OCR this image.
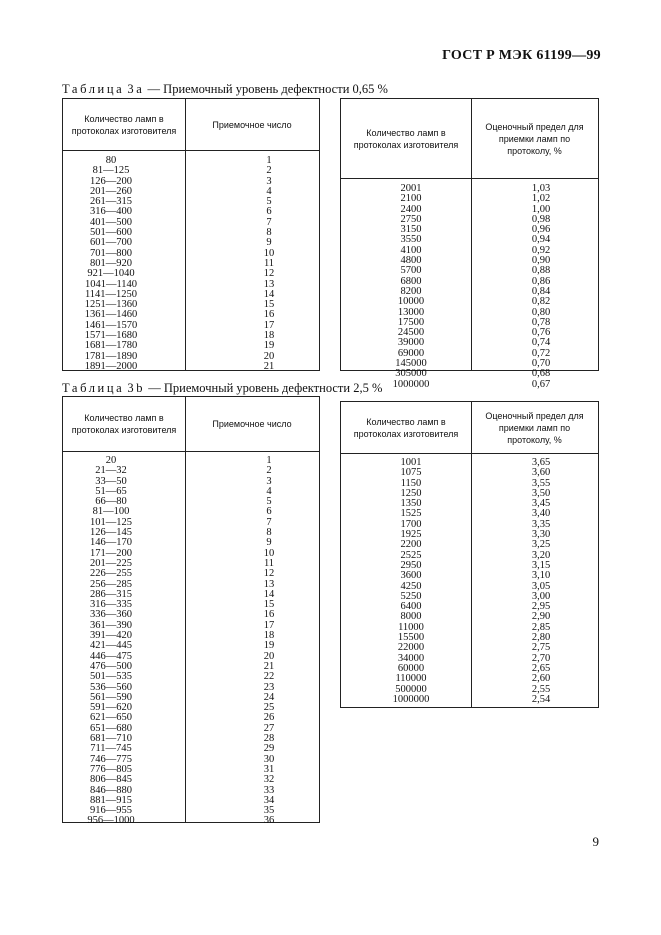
ГОСТ Р МЭК 61199—99
Таблица 3a — Приемочный уровень дефектности 0,65 %
Количество ламп в протоколах изготовителя
Приемочное число
80	1
81—125	2
126—200	3
201—260	4
261—315	5
316—400	6
401—500	7
501—600	8
601—700	9
701—800	10
801—920	11
921—1040	12
1041—1140	13
1141—1250	14
1251—1360	15
1361—1460	16
1461—1570	17
1571—1680	18
1681—1780	19
1781—1890	20
1891—2000	21
Количество ламп в протоколах изготовителя
Оценочный предел для приемки ламп по протоколу, %
2001	1,03
2100	1,02
2400	1,00
2750	0,98
3150	0,96
3550	0,94
4100	0,92
4800	0,90
5700	0,88
6800	0,86
8200	0,84
10000	0,82
13000	0,80
17500	0,78
24500	0,76
39000	0,74
69000	0,72
145000	0,70
305000	0,68
1000000	0,67
Таблица 3b — Приемочный уровень дефектности 2,5 %
Количество ламп в протоколах изготовителя
Приемочное число
20	1
21—32	2
33—50	3
51—65	4
66—80	5
81—100	6
101—125	7
126—145	8
146—170	9
171—200	10
201—225	11
226—255	12
256—285	13
286—315	14
316—335	15
336—360	16
361—390	17
391—420	18
421—445	19
446—475	20
476—500	21
501—535	22
536—560	23
561—590	24
591—620	25
621—650	26
651—680	27
681—710	28
711—745	29
746—775	30
776—805	31
806—845	32
846—880	33
881—915	34
916—955	35
956—1000	36
Количество ламп в протоколах изготовителя
Оценочный предел для приемки ламп по протоколу, %
1001	3,65
1075	3,60
1150	3,55
1250	3,50
1350	3,45
1525	3,40
1700	3,35
1925	3,30
2200	3,25
2525	3,20
2950	3,15
3600	3,10
4250	3,05
5250	3,00
6400	2,95
8000	2,90
11000	2,85
15500	2,80
22000	2,75
34000	2,70
60000	2,65
110000	2,60
500000	2,55
1000000	2,54
9
